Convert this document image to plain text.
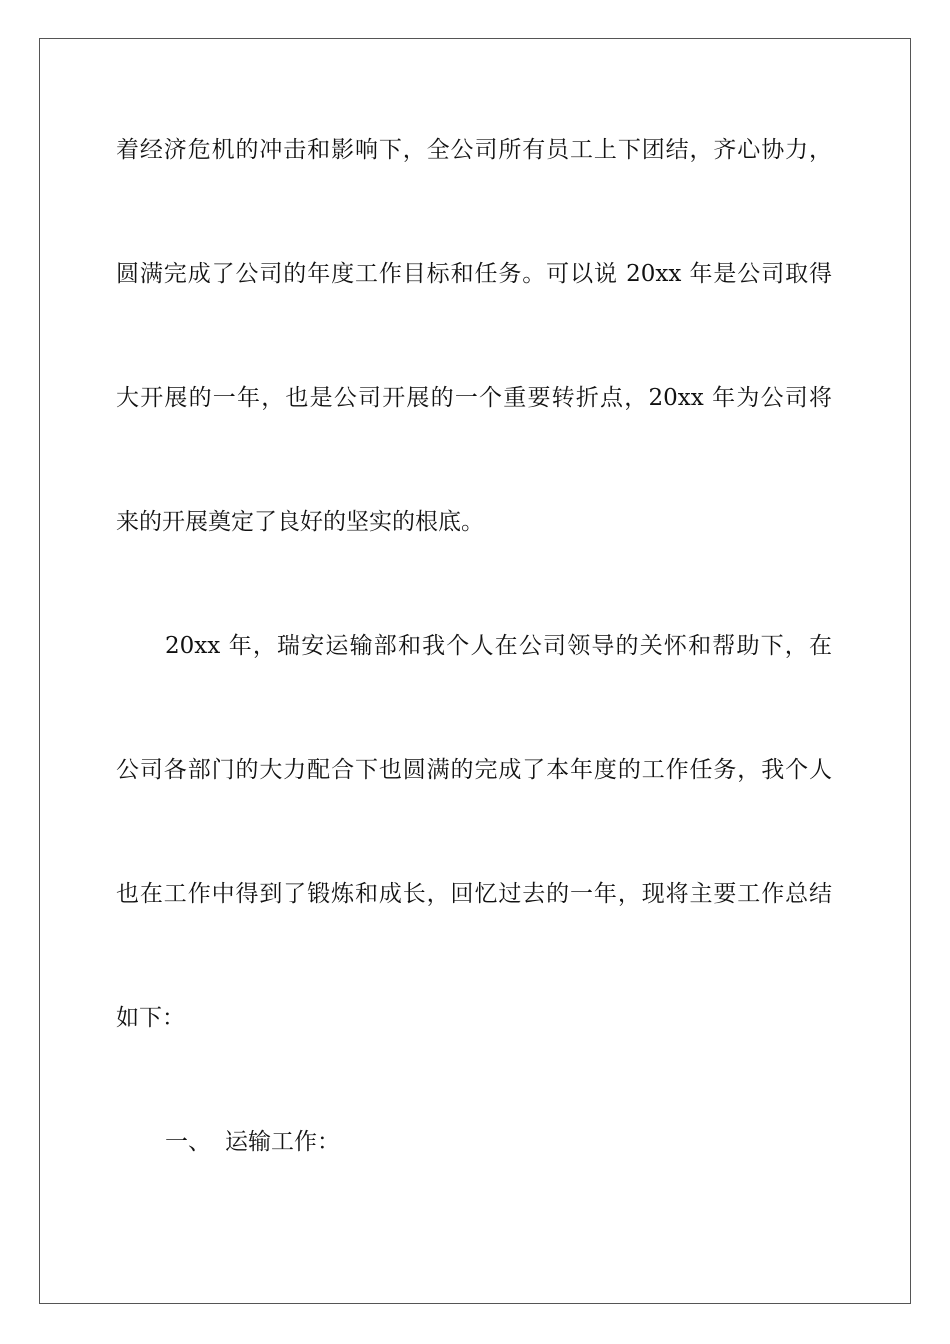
着经济危机的冲击和影响下，全公司所有员工上下团结，齐心协力，
圆满完成了公司的年度工作目标和任务。可以说 20xx 年是公司取得
大开展的一年，也是公司开展的一个重要转折点，20xx 年为公司将
来的开展奠定了良好的坚实的根底。
20xx 年，瑞安运输部和我个人在公司领导的关怀和帮助下，在
公司各部门的大力配合下也圆满的完成了本年度的工作任务，我个人
也在工作中得到了锻炼和成长，回忆过去的一年，现将主要工作总结
如下：
一、 运输工作：
